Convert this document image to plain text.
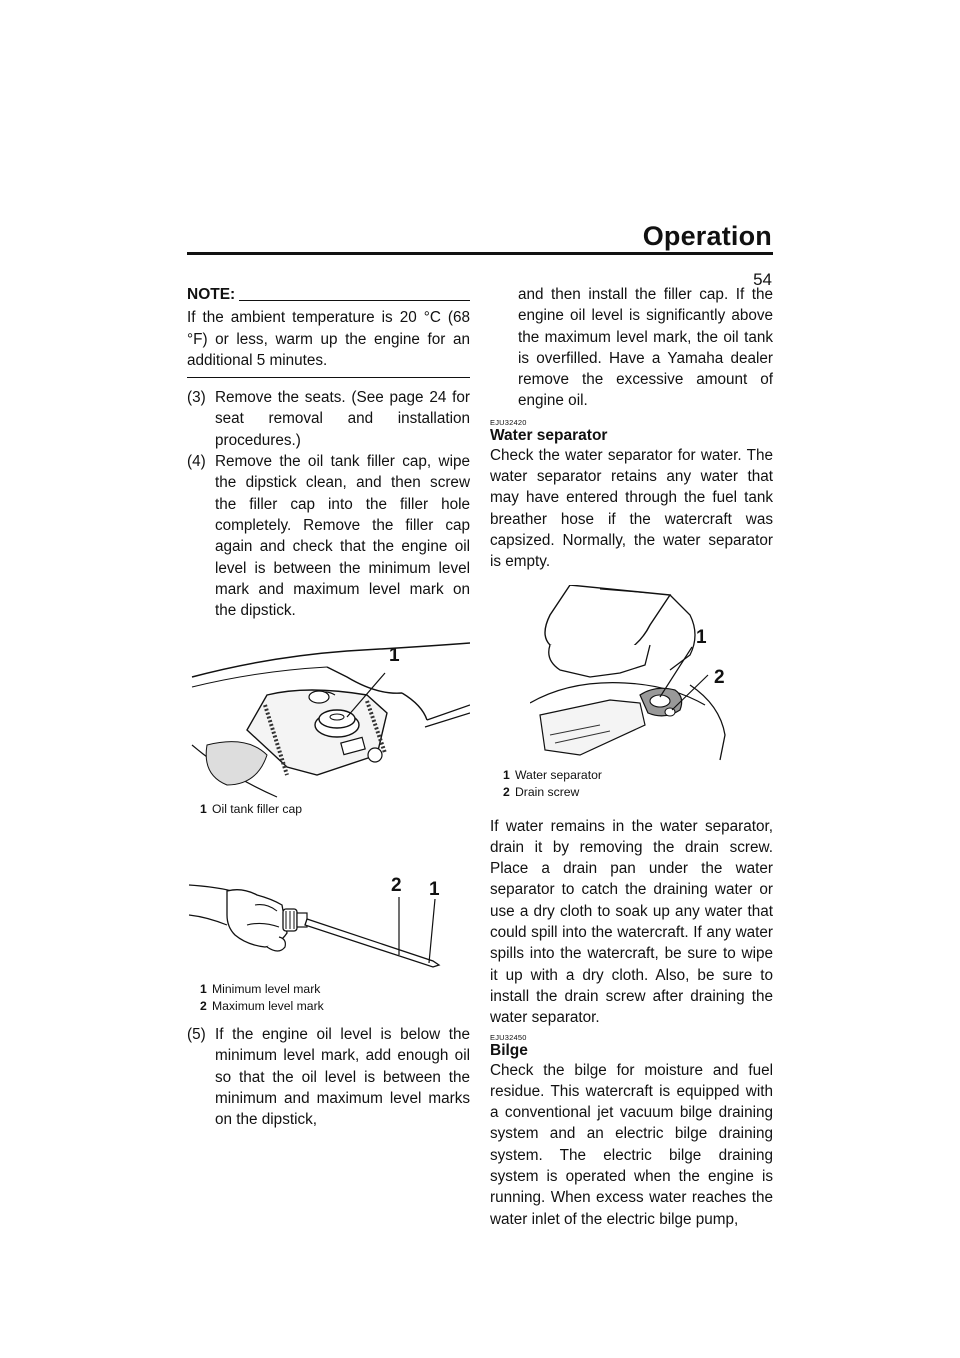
Operation
54
NOTE:

If the ambient temperature is 20 °C (68 °F) or less, warm up the engine for an additional 5 minutes.

(3) Remove the seats. (See page 24 for seat removal and installation procedures.)
(4) Remove the oil tank filler cap, wipe the dipstick clean, and then screw the filler cap into the filler hole completely. Remove the filler cap again and check that the engine oil level is between the minimum level mark and maximum level mark on the dipstick.
1
1 Oil tank filler cap
2 1
1 Minimum level mark
2 Maximum level mark
(5) If the engine oil level is below the minimum level mark, add enough oil so that the oil level is between the minimum and maximum level marks on the dipstick,

and then install the filler cap. If the engine oil level is significantly above the maximum level mark, the oil tank is overfilled. Have a Yamaha dealer remove the excessive amount of engine oil.

EJU32420
Water separator

Check the water separator for water. The water separator retains any water that may have entered through the fuel tank breather hose if the watercraft was capsized. Normally, the water separator is empty.

1
2
1 Water separator
2 Drain screw

If water remains in the water separator, drain it by removing the drain screw. Place a drain pan under the water separator to catch the draining water or use a dry cloth to soak up any water that could spill into the watercraft. If any water spills into the watercraft, be sure to wipe it up with a dry cloth. Also, be sure to install the drain screw after draining the water separator.

EJU32450
Bilge

Check the bilge for moisture and fuel residue. This watercraft is equipped with a conventional jet vacuum bilge draining system and an electric bilge draining system. The electric bilge draining system is operated when the engine is running. When excess water reaches the water inlet of the electric bilge pump,
